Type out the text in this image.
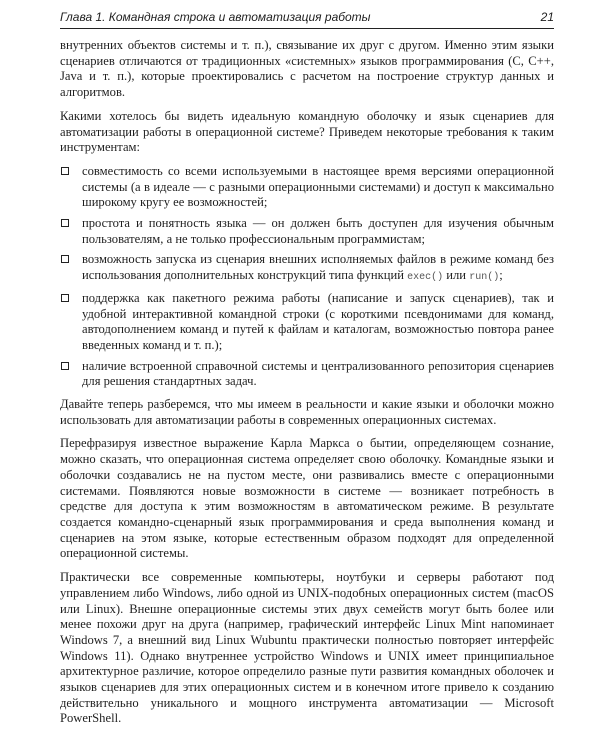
Глава 1. Командная строка и автоматизация работы	21

внутренних объектов системы и т. п.), связывание их друг с другом. Именно этим языки сценариев отличаются от традиционных «системных» языков программирования (C, C++, Java и т. п.), которые проектировались с расчетом на построение структур данных и алгоритмов.

Какими хотелось бы видеть идеальную командную оболочку и язык сценариев для автоматизации работы в операционной системе? Приведем некоторые требования к таким инструментам:

совместимость со всеми используемыми в настоящее время версиями операционной системы (а в идеале — с разными операционными системами) и доступ к максимально широкому кругу ее возможностей;
простота и понятность языка — он должен быть доступен для изучения обычным пользователям, а не только профессиональным программистам;
возможность запуска из сценария внешних исполняемых файлов в режиме команд без использования дополнительных конструкций типа функций exec() или run();
поддержка как пакетного режима работы (написание и запуск сценариев), так и удобной интерактивной командной строки (с короткими псевдонимами для команд, автодополнением команд и путей к файлам и каталогам, возможностью повтора ранее введенных команд и т. п.);
наличие встроенной справочной системы и централизованного репозитория сценариев для решения стандартных задач.

Давайте теперь разберемся, что мы имеем в реальности и какие языки и оболочки можно использовать для автоматизации работы в современных операционных системах.

Перефразируя известное выражение Карла Маркса о бытии, определяющем сознание, можно сказать, что операционная система определяет свою оболочку. Командные языки и оболочки создавались не на пустом месте, они развивались вместе с операционными системами. Появляются новые возможности в системе — возникает потребность в средстве для доступа к этим возможностям в автоматическом режиме. В результате создается командно-сценарный язык программирования и среда выполнения команд и сценариев на этом языке, которые естественным образом подходят для определенной операционной системы.

Практически все современные компьютеры, ноутбуки и серверы работают под управлением либо Windows, либо одной из UNIX-подобных операционных систем (macOS или Linux). Внешне операционные системы этих двух семейств могут быть более или менее похожи друг на друга (например, графический интерфейс Linux Mint напоминает Windows 7, а внешний вид Linux Wubuntu практически полностью повторяет интерфейс Windows 11). Однако внутреннее устройство Windows и UNIX имеет принципиальное архитектурное различие, которое определило разные пути развития командных оболочек и языков сценариев для этих операционных систем и в конечном итоге привело к созданию действительно уникального и мощного инструмента автоматизации — Microsoft PowerShell.
